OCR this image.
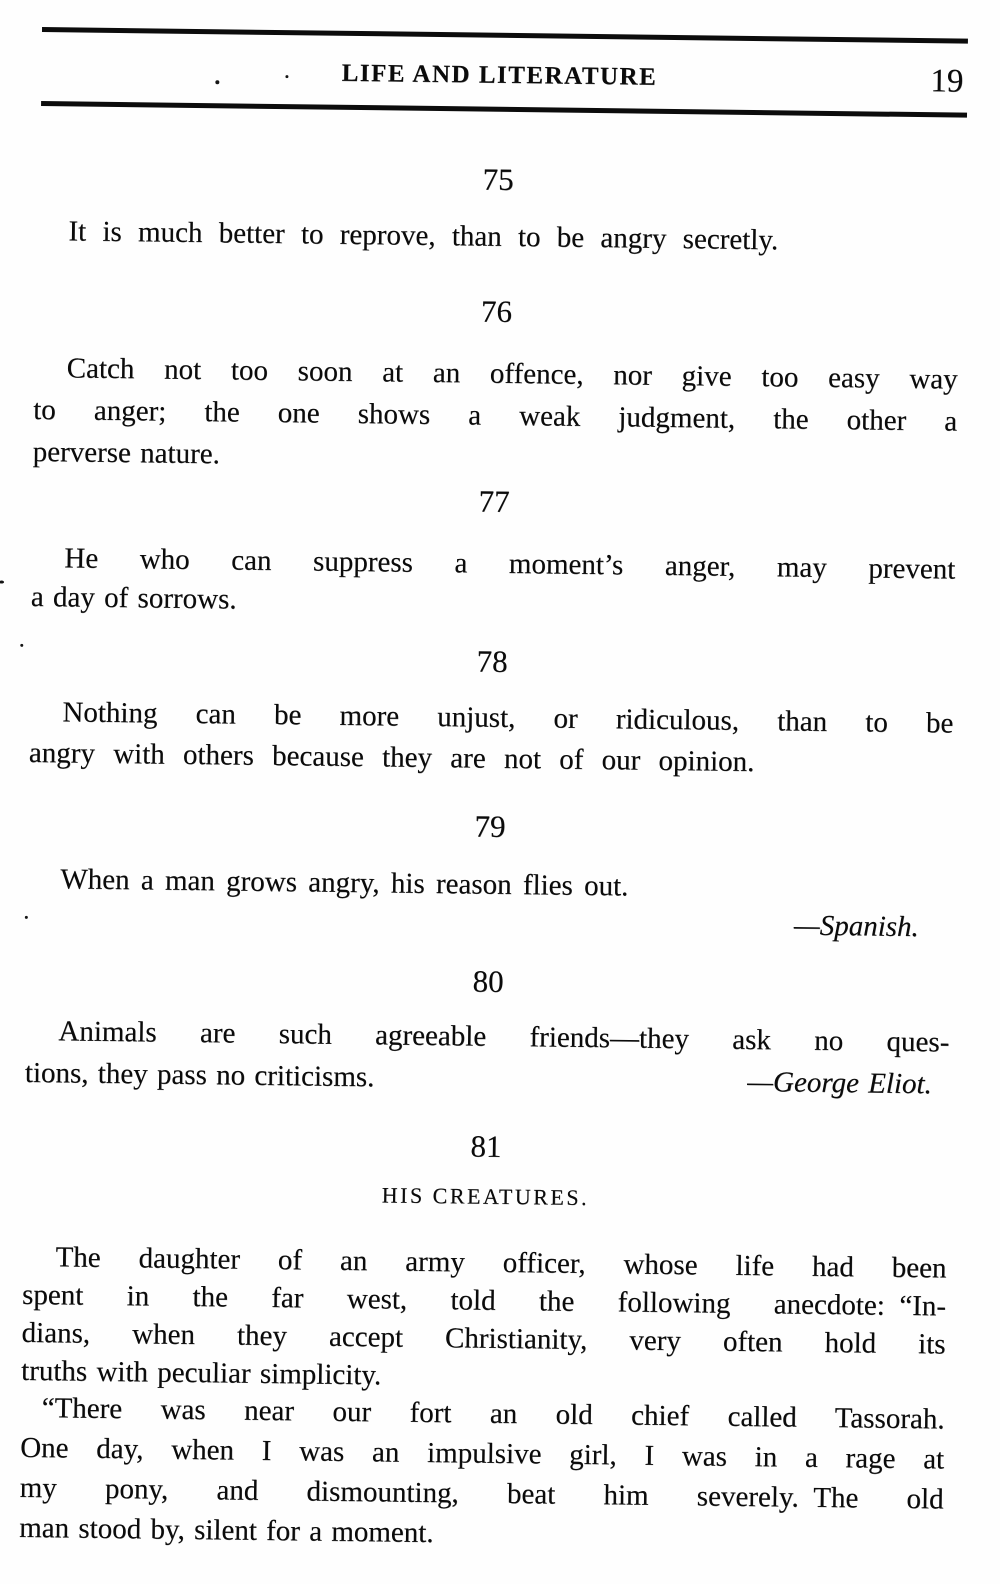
LIFE AND LITERATURE	19
75
It is much better to reprove, than to be angry secretly.
76
Catch not too soon at an offence, nor give too easy way
to anger; the one shows a weak judgment, the other a
perverse nature.
77
He who can suppress a moment’s anger, may prevent
a day of sorrows.
78
Nothing can be more unjust, or ridiculous, than to be
angry with others because they are not of our opinion.
79
When a man grows angry, his reason flies out.
—Spanish.
80
Animals are such agreeable friends—they ask no ques-
tions, they pass no criticisms.	—George Eliot.
81
HIS CREATURES.
The daughter of an army officer, whose life had been
spent in the far west, told the following anecdote: “In-
dians, when they accept Christianity, very often hold its
truths with peculiar simplicity.
“There was near our fort an old chief called Tassorah.
One day, when I was an impulsive girl, I was in a rage at
my pony, and dismounting, beat him severely. The old
man stood by, silent for a moment.
